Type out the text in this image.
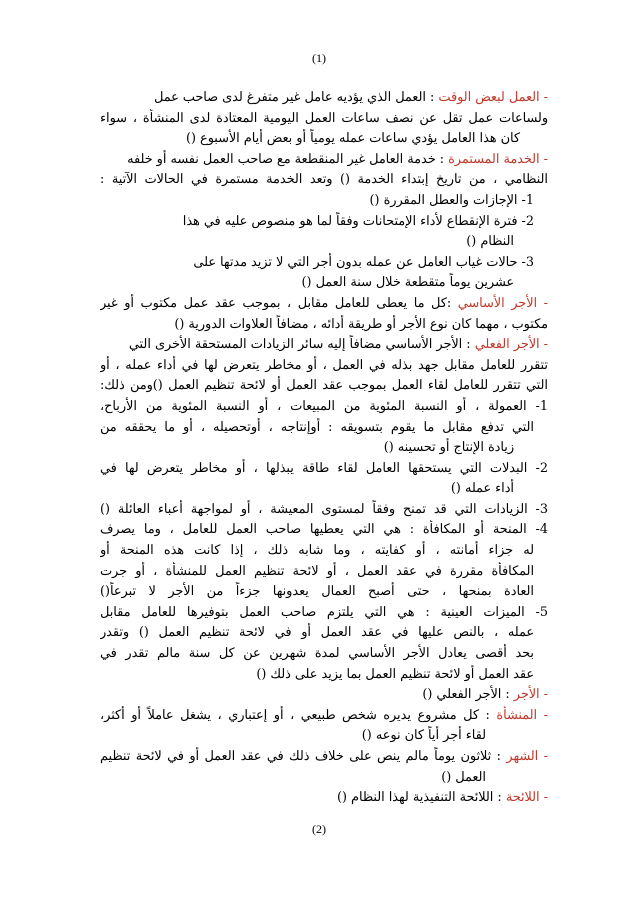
(1)
- العمل لبعض الوقت : العمل الذي يؤديه عامل غير متفرغ لدى صاحب عمل
ولساعات عمل تقل عن نصف ساعات العمل اليومية المعتادة لدى المنشأة ، سواء
كان هذا العامل يؤدي ساعات عمله يومياً أو بعض أيام الأسبوع ()
- الخدمة المستمرة : خدمة العامل غير المنقطعة مع صاحب العمل نفسه أو خلفه
النظامي ، من تاريخ إبتداء الخدمة () وتعد الخدمة مستمرة في الحالات الآتية :
1- الإجازات والعطل المقررة ()
2- فترة الإنقطاع لأداء الإمتحانات وفقاً لما هو منصوص عليه في هذا
النظام ()
3- حالات غياب العامل عن عمله بدون أجر التي لا تزيد مدتها على
عشرين يوماً متقطعة خلال سنة العمل ()
- الأجر الأساسي :كل ما يعطى للعامل مقابل ، بموجب عقد عمل مكتوب أو غير
مكتوب ، مهما كان نوع الأجر أو طريقة أدائه ، مضافاً العلاوات الدورية ()
- الأجر الفعلي : الأجر الأساسي مضافاً إليه سائر الزيادات المستحقة الأخرى التي
تتقرر للعامل مقابل جهد بذله في العمل ، أو مخاطر يتعرض لها في أداء عمله ، أو
التي تتقرر للعامل لقاء العمل بموجب عقد العمل أو لائحة تنظيم العمل ()ومن ذلك:
1- العمولة ، أو النسبة المئوية من المبيعات ، أو النسبة المئوية من الأرباح،
التي تدفع مقابل ما يقوم بتسويقه : أوإنتاجه ، أوتحصيله ، أو ما يحققه من
زيادة الإنتاج أو تحسينه ()
2- البدلات التي يستحقها العامل لقاء طاقة يبذلها ، أو مخاطر يتعرض لها في
أداء عمله ()
3- الزيادات التي قد تمنح وفقاً لمستوى المعيشة ، أو لمواجهة أعباء العائلة ()
4- المنحة أو المكافأة : هي التي يعطيها صاحب العمل للعامل ، وما يصرف
له جزاء أمانته ، أو كفايته ، وما شابه ذلك ، إذا كانت هذه المنحة أو
المكافأة مقررة في عقد العمل ، أو لائحة تنظيم العمل للمنشأة ، أو جرت
العادة بمنحها ، حتى أصبح العمال يعدونها جزءاً من الأجر لا تبرعاً()
5- الميزات العينية : هي التي يلتزم صاحب العمل بتوفيرها للعامل مقابل
عمله ، بالنص عليها في عقد العمل أو في لائحة تنظيم العمل () وتقدر
بحد أقصى يعادل الأجر الأساسي لمدة شهرين عن كل سنة مالم تقدر في
عقد العمل أو لائحة تنظيم العمل بما يزيد على ذلك ()
- الأجر : الأجر الفعلي ()
- المنشأة : كل مشروع يديره شخص طبيعي ، أو إعتباري ، يشغل عاملاً أو أكثر،
لقاء أجر أياً كان نوعه ()
- الشهر : ثلاثون يوماً مالم ينص على خلاف ذلك في عقد العمل أو في لائحة تنظيم
العمل ()
- اللائحة : اللائحة التنفيذية لهذا النظام ()
(2)
